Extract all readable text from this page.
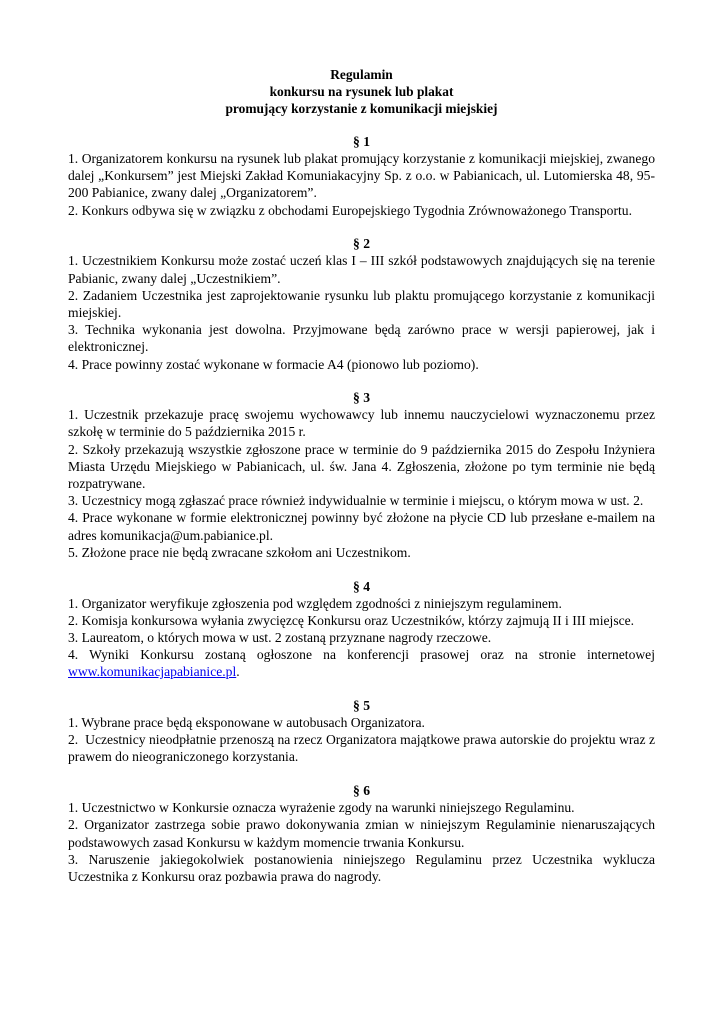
Regulamin
konkursu na rysunek lub plakat
promujący korzystanie z komunikacji miejskiej
§ 1

1. Organizatorem konkursu na rysunek lub plakat promujący korzystanie z komunikacji miejskiej, zwanego dalej „Konkursem” jest Miejski Zakład Komuniakacyjny Sp. z o.o. w Pabianicach, ul. Lutomierska 48, 95-200 Pabianice, zwany dalej „Organizatorem”.

2. Konkurs odbywa się w związku z obchodami Europejskiego Tygodnia Zrównoważonego Transportu.

§ 2

1. Uczestnikiem Konkursu może zostać uczeń klas I – III szkół podstawowych znajdujących się na terenie Pabianic, zwany dalej „Uczestnikiem”.

2. Zadaniem Uczestnika jest zaprojektowanie rysunku lub plaktu promującego korzystanie z komunikacji miejskiej.

3. Technika wykonania jest dowolna. Przyjmowane będą zarówno prace w wersji papierowej, jak i elektronicznej.

4. Prace powinny zostać wykonane w formacie A4 (pionowo lub poziomo).

§ 3

1. Uczestnik przekazuje pracę swojemu wychowawcy lub innemu nauczycielowi wyznaczonemu przez szkołę w terminie do 5 października 2015 r.

2. Szkoły przekazują wszystkie zgłoszone prace w terminie do 9 października 2015 do Zespołu Inżyniera Miasta Urzędu Miejskiego w Pabianicach, ul. św. Jana 4. Zgłoszenia, złożone po tym terminie nie będą rozpatrywane.

3. Uczestnicy mogą zgłaszać prace również indywidualnie w terminie i miejscu, o którym mowa w ust. 2.

4. Prace wykonane w formie elektronicznej powinny być złożone na płycie CD lub przesłane e-mailem na adres komunikacja@um.pabianice.pl.

5. Złożone prace nie będą zwracane szkołom ani Uczestnikom.

§ 4

1. Organizator weryfikuje zgłoszenia pod względem zgodności z niniejszym regulaminem.

2. Komisja konkursowa wyłania zwycięzcę Konkursu oraz Uczestników, którzy zajmują II i III miejsce.

3. Laureatom, o których mowa w ust. 2 zostaną przyznane nagrody rzeczowe.

4. Wyniki Konkursu zostaną ogłoszone na konferencji prasowej oraz na stronie internetowej www.komunikacjapabianice.pl.

§ 5

1. Wybrane prace będą eksponowane w autobusach Organizatora.

2.  Uczestnicy nieodpłatnie przenoszą na rzecz Organizatora majątkowe prawa autorskie do projektu wraz z prawem do nieograniczonego korzystania.

§ 6

1. Uczestnictwo w Konkursie oznacza wyrażenie zgody na warunki niniejszego Regulaminu.

2. Organizator zastrzega sobie prawo dokonywania zmian w niniejszym Regulaminie nienaruszających podstawowych zasad Konkursu w każdym momencie trwania Konkursu.

3. Naruszenie jakiegokolwiek postanowienia niniejszego Regulaminu przez Uczestnika wyklucza Uczestnika z Konkursu oraz pozbawia prawa do nagrody.
